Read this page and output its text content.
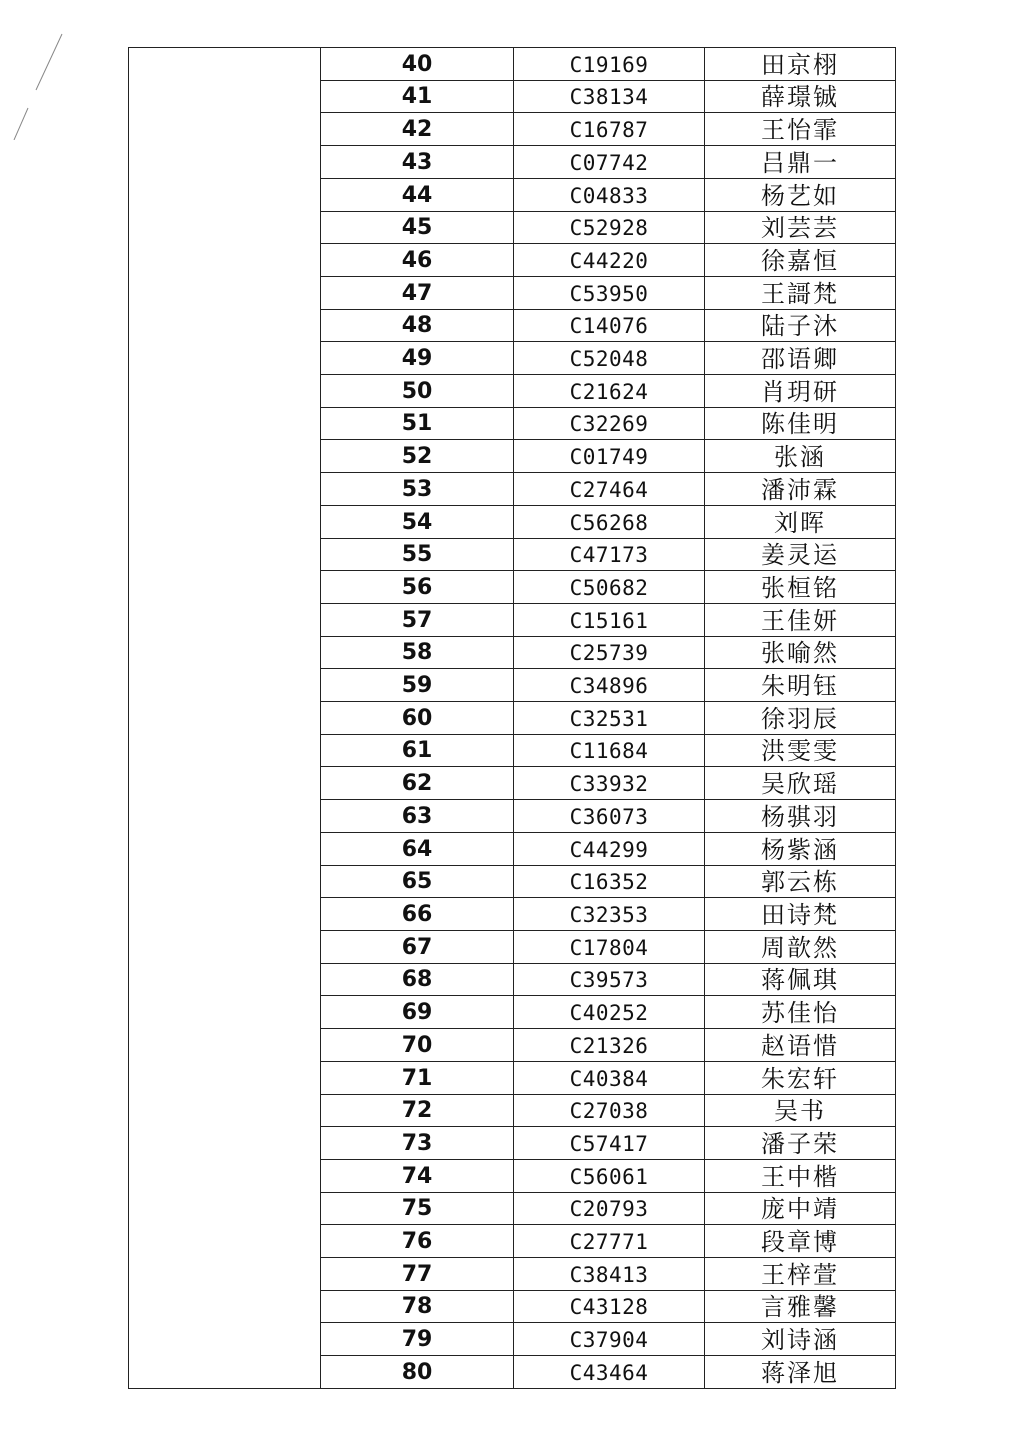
40	C19169	田京栩
41	C38134	薛璟铖
42	C16787	王怡霏
43	C07742	吕鼎一
44	C04833	杨艺如
45	C52928	刘芸芸
46	C44220	徐嘉恒
47	C53950	王謌梵
48	C14076	陆子沐
49	C52048	邵语卿
50	C21624	肖玥研
51	C32269	陈佳明
52	C01749	张涵
53	C27464	潘沛霖
54	C56268	刘晖
55	C47173	姜灵运
56	C50682	张桓铭
57	C15161	王佳妍
58	C25739	张喻然
59	C34896	朱明钰
60	C32531	徐羽辰
61	C11684	洪雯雯
62	C33932	吴欣瑶
63	C36073	杨骐羽
64	C44299	杨紫涵
65	C16352	郭云栋
66	C32353	田诗梵
67	C17804	周歆然
68	C39573	蒋佩琪
69	C40252	苏佳怡
70	C21326	赵语惜
71	C40384	朱宏轩
72	C27038	吴书
73	C57417	潘子荣
74	C56061	王中楷
75	C20793	庞中靖
76	C27771	段章博
77	C38413	王梓萱
78	C43128	言雅馨
79	C37904	刘诗涵
80	C43464	蒋泽旭
